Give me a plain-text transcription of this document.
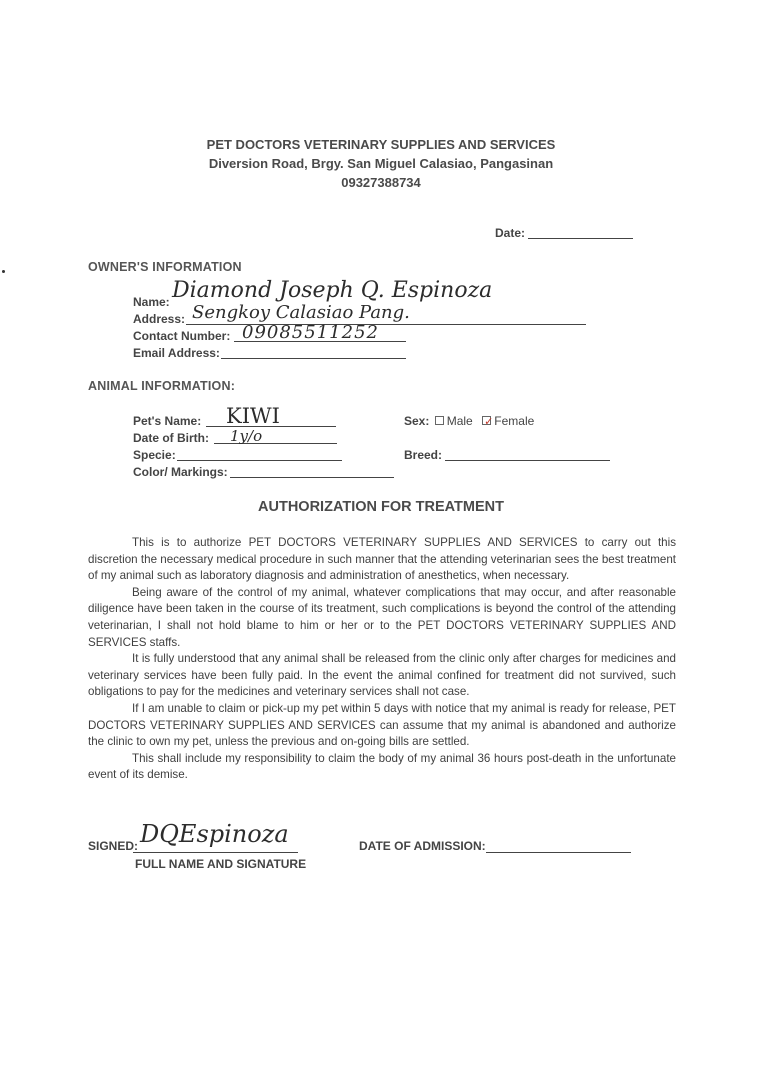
PET DOCTORS VETERINARY SUPPLIES AND SERVICES
Diversion Road, Brgy. San Miguel Calasiao, Pangasinan
09327388734
Date:
OWNER'S INFORMATION
Name: Diamond Joseph Q. Espinoza
Address: Sengkoy Calasiao Pang.
Contact Number: 09085511252
Email Address:
ANIMAL INFORMATION:
Pet's Name: KIWI
Date of Birth: 1y/o
Specie:
Color/ Markings:
Sex: Male ✓Female
Breed:
AUTHORIZATION FOR TREATMENT

This is to authorize PET DOCTORS VETERINARY SUPPLIES AND SERVICES to carry out this discretion the necessary medical procedure in such manner that the attending veterinarian sees the best treatment of my animal such as laboratory diagnosis and administration of anesthetics, when necessary.

Being aware of the control of my animal, whatever complications that may occur, and after reasonable diligence have been taken in the course of its treatment, such complications is beyond the control of the attending veterinarian, I shall not hold blame to him or her or to the PET DOCTORS VETERINARY SUPPLIES AND SERVICES staffs.

It is fully understood that any animal shall be released from the clinic only after charges for medicines and veterinary services have been fully paid. In the event the animal confined for treatment did not survived, such obligations to pay for the medicines and veterinary services shall not case.

If I am unable to claim or pick-up my pet within 5 days with notice that my animal is ready for release, PET DOCTORS VETERINARY SUPPLIES AND SERVICES can assume that my animal is abandoned and authorize the clinic to own my pet, unless the previous and on-going bills are settled.

This shall include my responsibility to claim the body of my animal 36 hours post-death in the unfortunate event of its demise.

SIGNED: DQEspinoza
FULL NAME AND SIGNATURE
DATE OF ADMISSION:
